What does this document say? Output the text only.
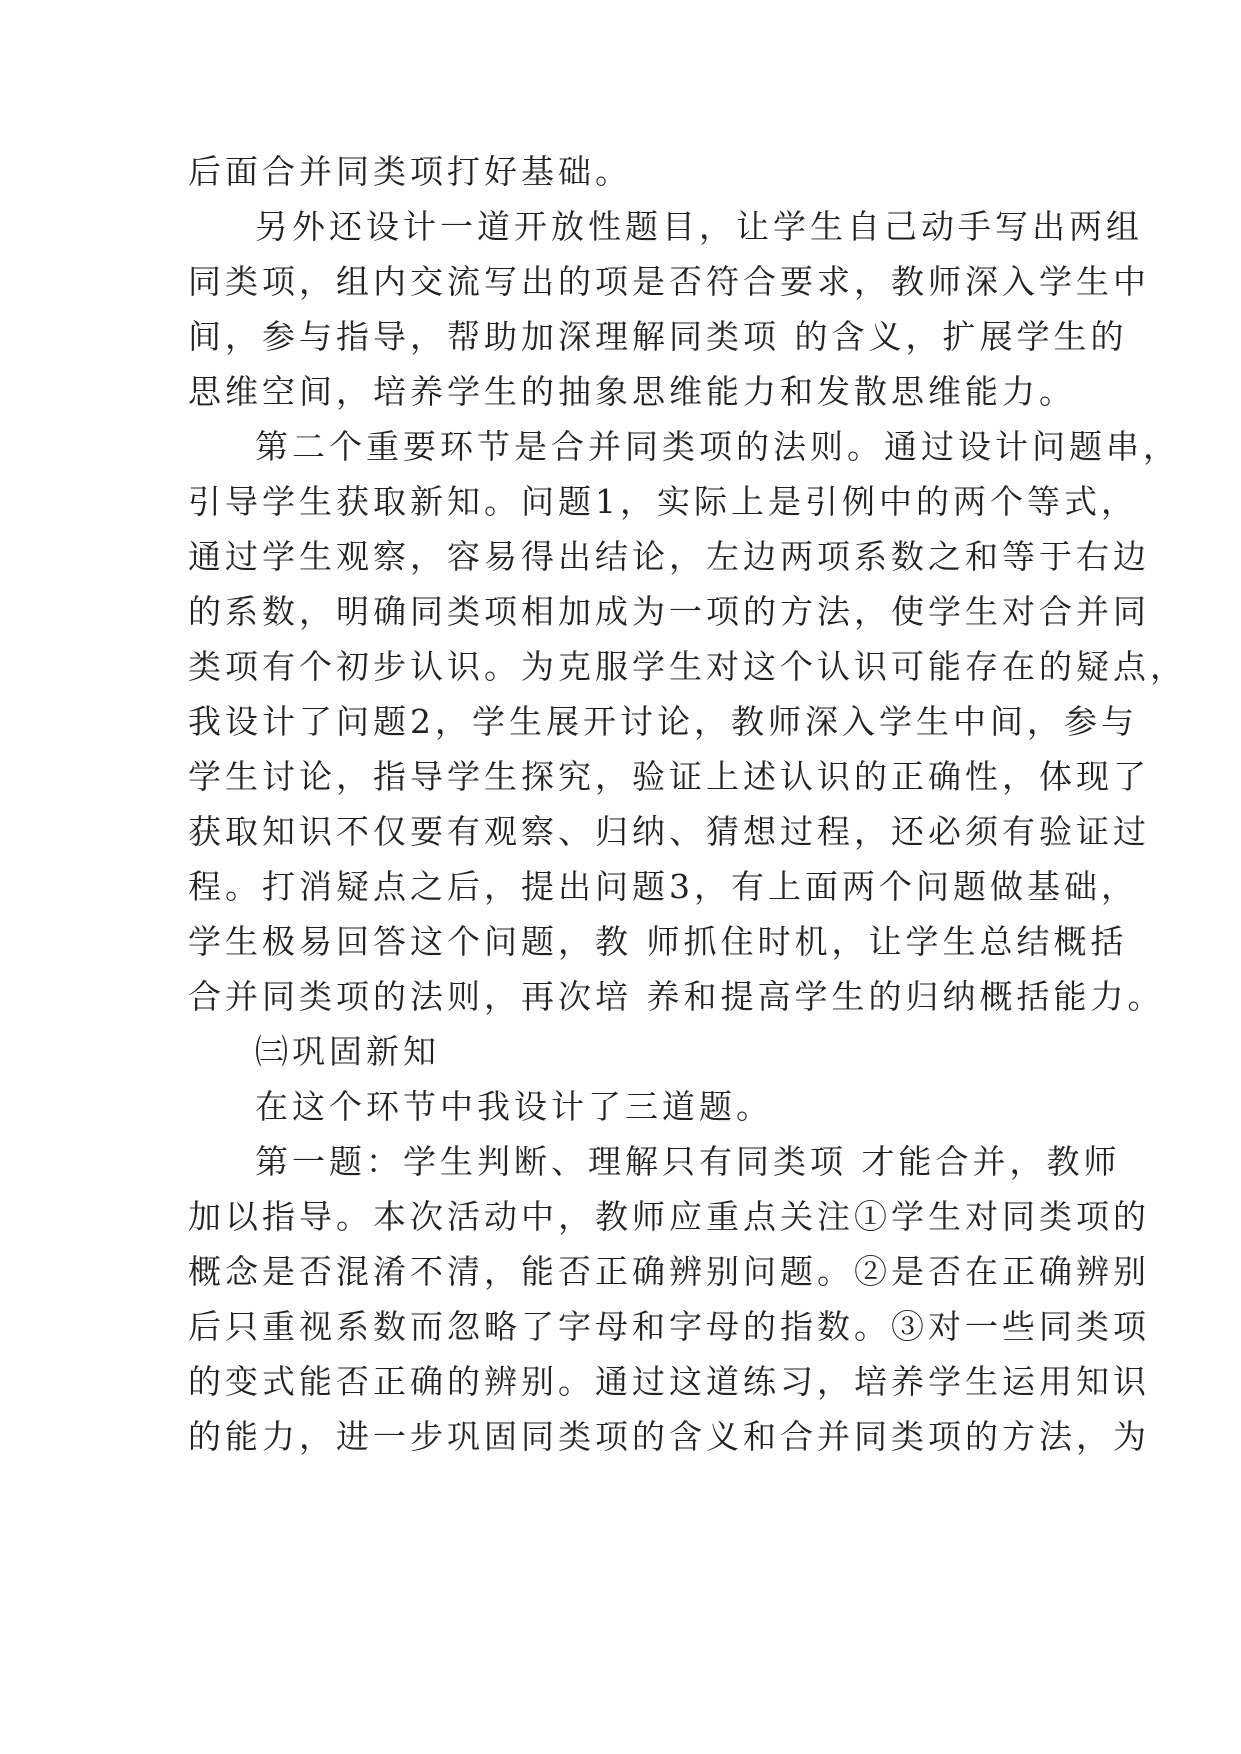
后面合并同类项打好基础。
另外还设计一道开放性题目，让学生自己动手写出两组
同类项，组内交流写出的项是否符合要求，教师深入学生中
间，参与指导，帮助加深理解同类项 的含义，扩展学生的
思维空间，培养学生的抽象思维能力和发散思维能力。
第二个重要环节是合并同类项的法则。通过设计问题串，
引导学生获取新知。问题1，实际上是引例中的两个等式，
通过学生观察，容易得出结论，左边两项系数之和等于右边
的系数，明确同类项相加成为一项的方法，使学生对合并同
类项有个初步认识。为克服学生对这个认识可能存在的疑点，
我设计了问题2，学生展开讨论，教师深入学生中间，参与
学生讨论，指导学生探究，验证上述认识的正确性，体现了
获取知识不仅要有观察、归纳、猜想过程，还必须有验证过
程。打消疑点之后，提出问题3，有上面两个问题做基础，
学生极易回答这个问题，教 师抓住时机，让学生总结概括
合并同类项的法则，再次培 养和提高学生的归纳概括能力。
㈢巩固新知
在这个环节中我设计了三道题。
第一题：学生判断、理解只有同类项 才能合并，教师
加以指导。本次活动中，教师应重点关注①学生对同类项的
概念是否混淆不清，能否正确辨别问题。②是否在正确辨别
后只重视系数而忽略了字母和字母的指数。③对一些同类项
的变式能否正确的辨别。通过这道练习，培养学生运用知识
的能力，进一步巩固同类项的含义和合并同类项的方法，为
